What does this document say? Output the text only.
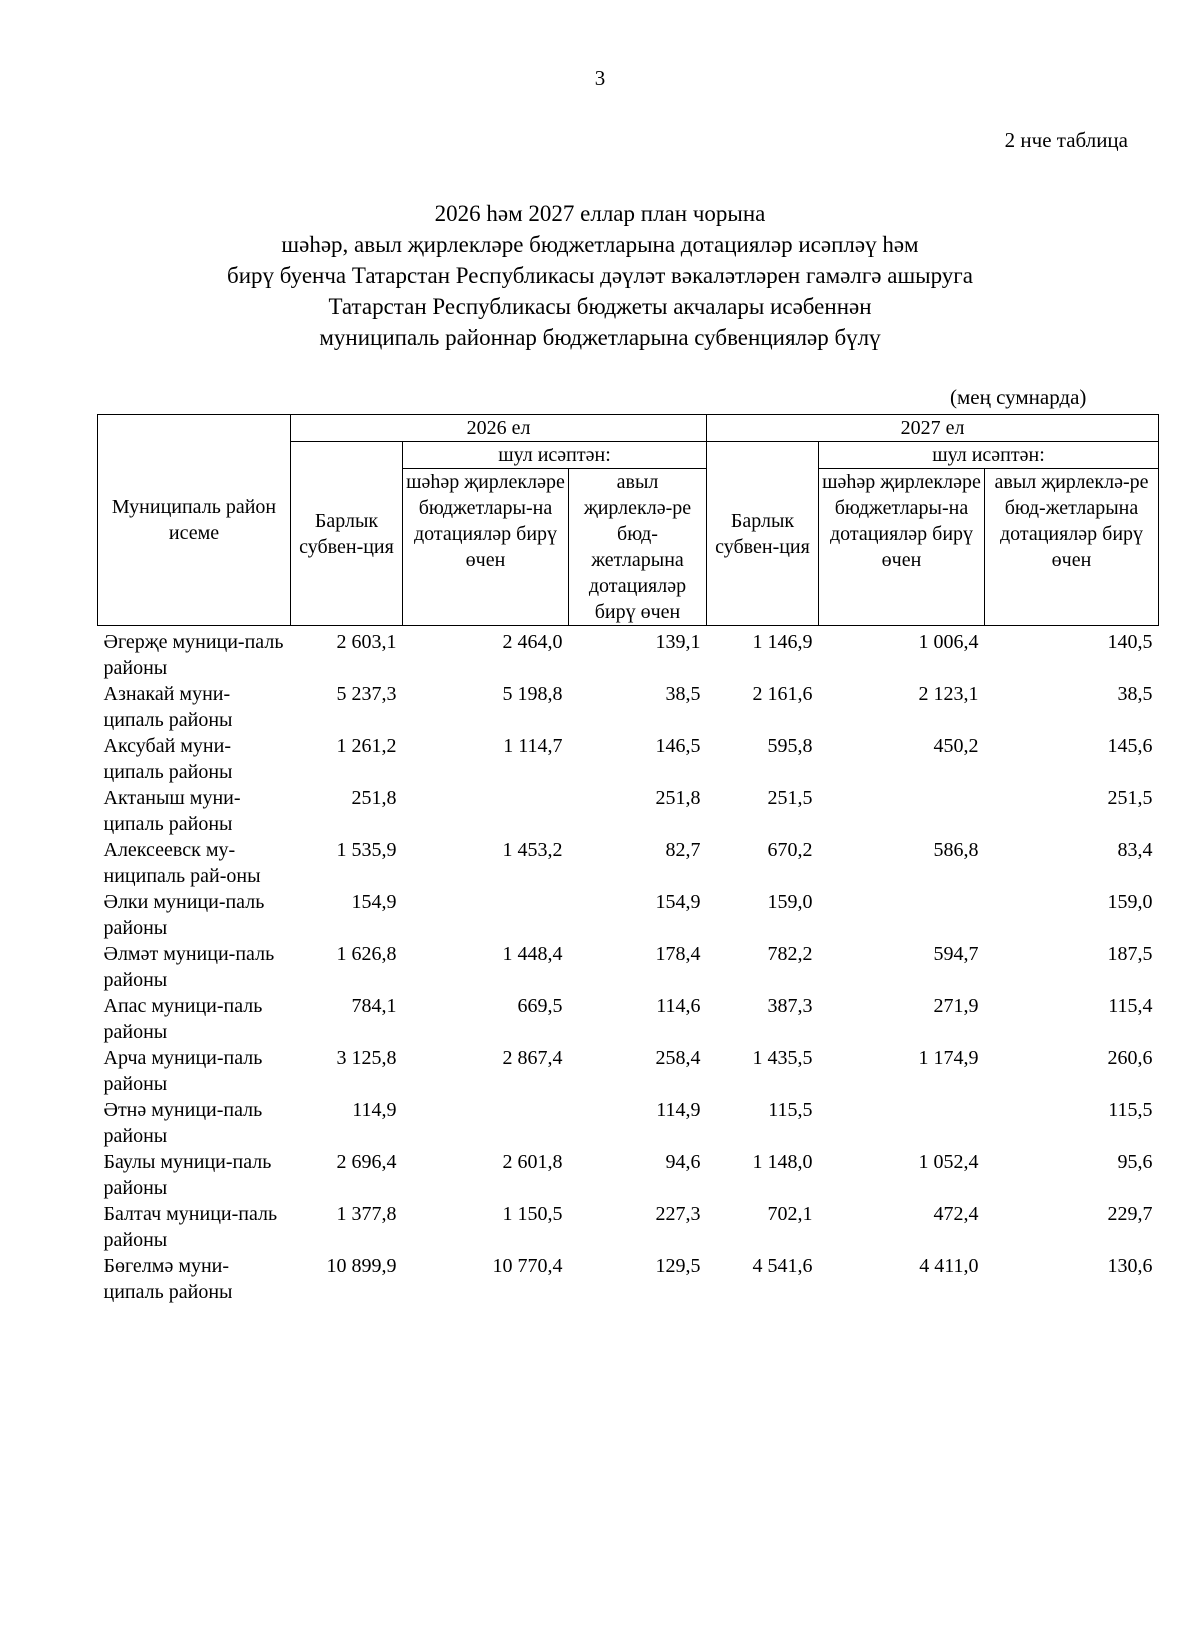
3
2 нче таблица
2026 һәм 2027 еллар план чорына
шәһәр, авыл җирлекләре бюджетларына дотацияләр исәпләү һәм
бирү буенча Татарстан Республикасы дәүләт вәкаләтләрен гамәлгә ашыруга
Татарстан Республикасы бюджеты акчалары исәбеннән
муниципаль районнар бюджетларына субвенцияләр бүлү
(мең сумнарда)
Муниципаль район исеме	2026 ел			2027 ел		
	Барлык субвен-ция	шул исәптән:		Барлык субвен-ция	шул исәптән:	
		шәһәр җирлекләре бюджетлары-на дотацияләр бирү өчен	авыл җирлеклә-ре бюд-жетларына дотацияләр бирү өчен		шәһәр җирлекләре бюджетлары-на дотацияләр бирү өчен	авыл җирлеклә-ре бюд-жетларына дотацияләр бирү өчен
Әгерҗе муници-паль районы	2 603,1	2 464,0	139,1	1 146,9	1 006,4	140,5
Азнакай муни-ципаль районы	5 237,3	5 198,8	38,5	2 161,6	2 123,1	38,5
Аксубай муни-ципаль районы	1 261,2	1 114,7	146,5	595,8	450,2	145,6
Актаныш муни-ципаль районы	251,8		251,8	251,5		251,5
Алексеевск му-ниципаль рай-оны	1 535,9	1 453,2	82,7	670,2	586,8	83,4
Әлки муници-паль районы	154,9		154,9	159,0		159,0
Әлмәт муници-паль районы	1 626,8	1 448,4	178,4	782,2	594,7	187,5
Апас муници-паль районы	784,1	669,5	114,6	387,3	271,9	115,4
Арча муници-паль районы	3 125,8	2 867,4	258,4	1 435,5	1 174,9	260,6
Әтнә муници-паль районы	114,9		114,9	115,5		115,5
Баулы муници-паль районы	2 696,4	2 601,8	94,6	1 148,0	1 052,4	95,6
Балтач муници-паль районы	1 377,8	1 150,5	227,3	702,1	472,4	229,7
Бөгелмә муни-ципаль районы	10 899,9	10 770,4	129,5	4 541,6	4 411,0	130,6
